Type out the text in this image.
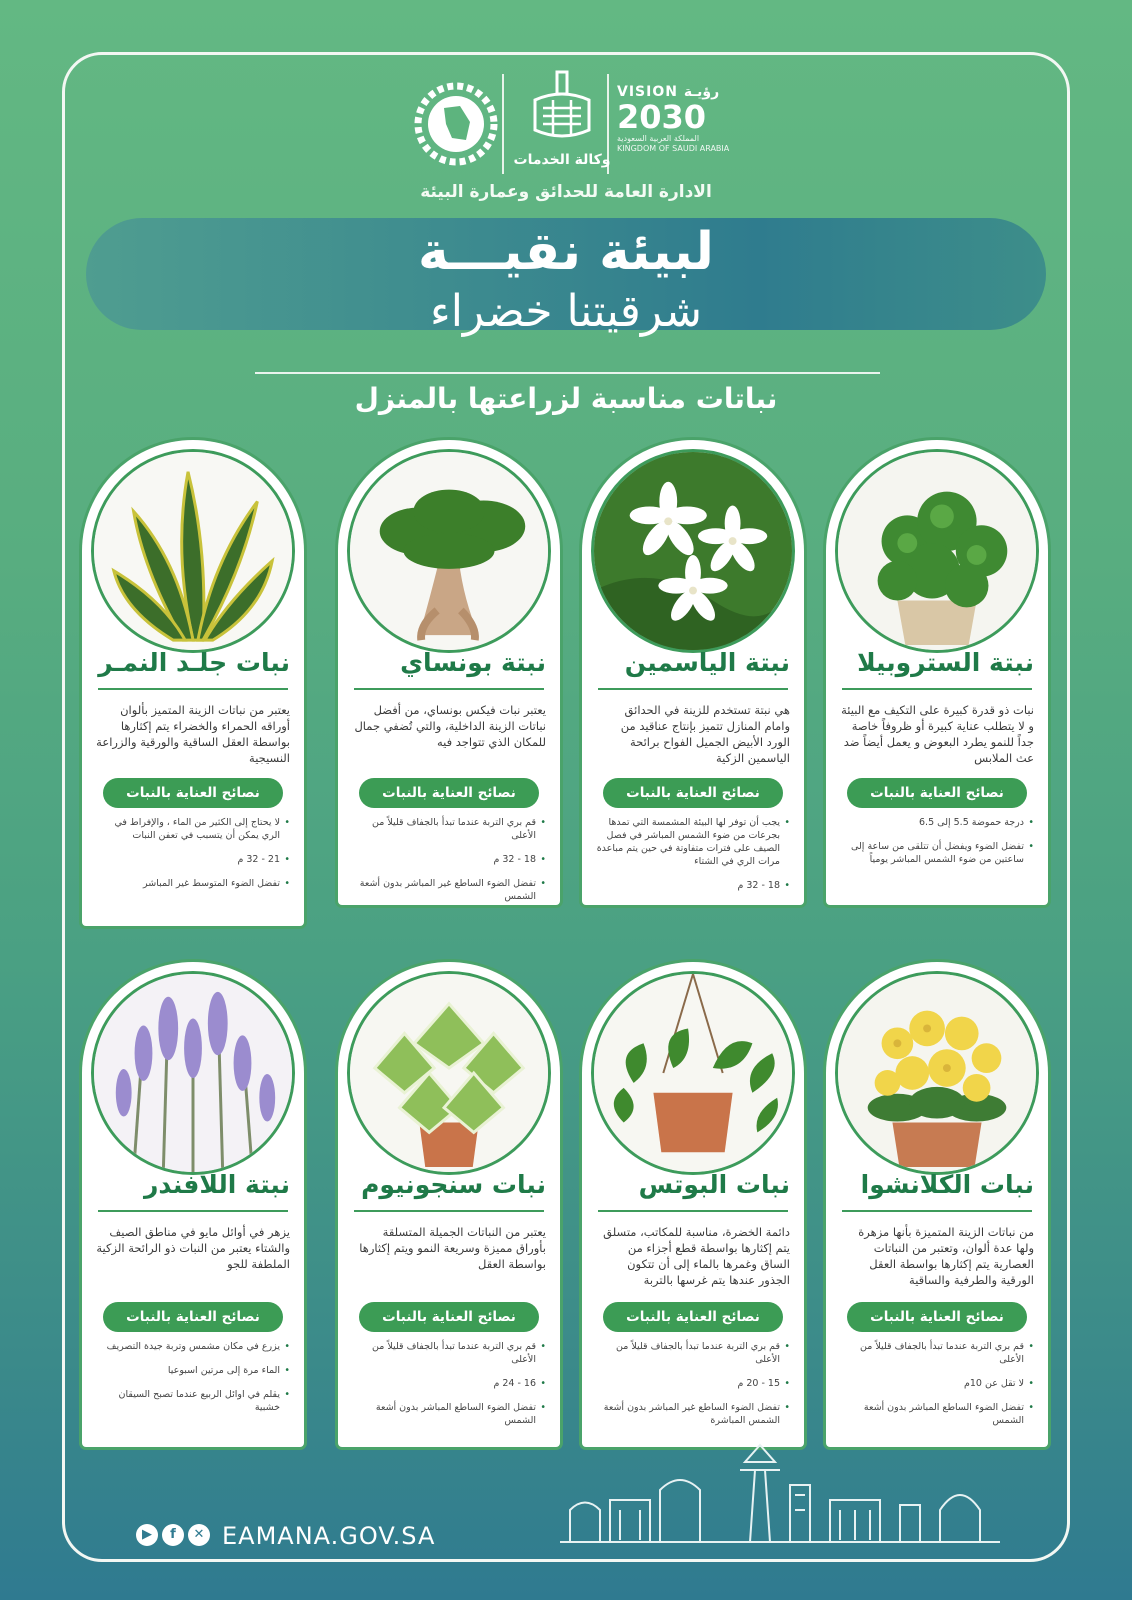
VISION رؤيـة
2030
المملكة العربية السعودية KINGDOM OF SAUDI ARABIA
وكالة الخدمات
الادارة العامة للحدائق وعمارة البيئة
لبيئة نقيـــة
شرقيتنا خضراء
نباتات مناسبة لزراعتها بالمنزل
نبتة الستروبيلا
نبات ذو قدرة كبيرة على التكيف مع البيئة و لا يتطلب عناية كبيرة أو ظروفاً خاصة جداً للنمو يطرد البعوض و يعمل أيضاً ضد عث الملابس
نصائح العناية بالنبات
• درجة حموضة 5.5 إلى 6.5
• تفضل الضوء ويفضل أن تتلقى من ساعة إلى ساعتين من ضوء الشمس المباشر يومياً
نبتة الياسمين
هي نبتة تستخدم للزينة في الحدائق وامام المنازل تتميز بإنتاج عناقيد من الورد الأبيض الجميل الفواح برائحة الياسمين الزكية
نصائح العناية بالنبات
• يجب أن توفر لها البيئة المشمسة التي تمدها بجرعات من ضوء الشمس المباشر في فصل الصيف على فترات متفاوتة في حين يتم مباعدة مرات الري في الشتاء
• 18 - 32 م
نبتة بونساي
يعتبر نبات فيكس بونساي، من أفضل نباتات الزينة الداخلية، والتي تُضفي جمال للمكان الذي تتواجد فيه
نصائح العناية بالنبات
• قم بري التربة عندما تبدأ بالجفاف قليلاً من الأعلى
• 18 - 32 م
• تفضل الضوء الساطع غير المباشر بدون أشعة الشمس
نبات جلـد النمـر
يعتبر من نباتات الزينة المتميز بألوان أوراقه الحمراء والخضراء يتم إكثارها بواسطة العقل الساقية والورقية والزراعة النسيجية
نصائح العناية بالنبات
• لا يحتاج إلى الكثير من الماء ، والإفراط في الري يمكن أن يتسبب في تعفن النبات
• 21 - 32 م
• تفضل الضوء المتوسط غير المباشر
نبات الكلانشوا
من نباتات الزينة المتميزة بأنها مزهرة ولها عدة ألوان، وتعتبر من النباتات العصارية يتم إكثارها بواسطة العقل الورقية والطرفية والساقية
نصائح العناية بالنبات
• قم بري التربة عندما تبدأ بالجفاف قليلاً من الأعلى
• لا تقل عن 10م
• تفضل الضوء الساطع المباشر بدون أشعة الشمس
نبات البوتس
دائمة الخضرة، مناسبة للمكاتب، متسلق يتم إكثارها بواسطة قطع أجزاء من الساق وغمرها بالماء إلى أن تتكون الجذور عندها يتم غرسها بالتربة
نصائح العناية بالنبات
• قم بري التربة عندما تبدأ بالجفاف قليلاً من الأعلى
• 15 - 20 م
• تفضل الضوء الساطع غير المباشر بدون أشعة الشمس المباشرة
نبات سنجونيوم
يعتبر من النباتات الجميلة المتسلقة بأوراق مميزة وسريعة النمو ويتم إكثارها بواسطة العقل
نصائح العناية بالنبات
• قم بري التربة عندما تبدأ بالجفاف قليلاً من الأعلى
• 16 - 24 م
• تفضل الضوء الساطع المباشر بدون أشعة الشمس
نبتة اللافندر
يزهر في أوائل مايو في مناطق الصيف والشتاء يعتبر من النبات ذو الرائحة الزكية الملطفة للجو
نصائح العناية بالنبات
• يزرع في مكان مشمس وتربة جيدة التصريف
• الماء مرة إلى مرتين اسبوعيا
• يقلم في اوائل الربيع عندما تصبح السيقان خشبية
▶	f	✕ EAMANA.GOV.SA
